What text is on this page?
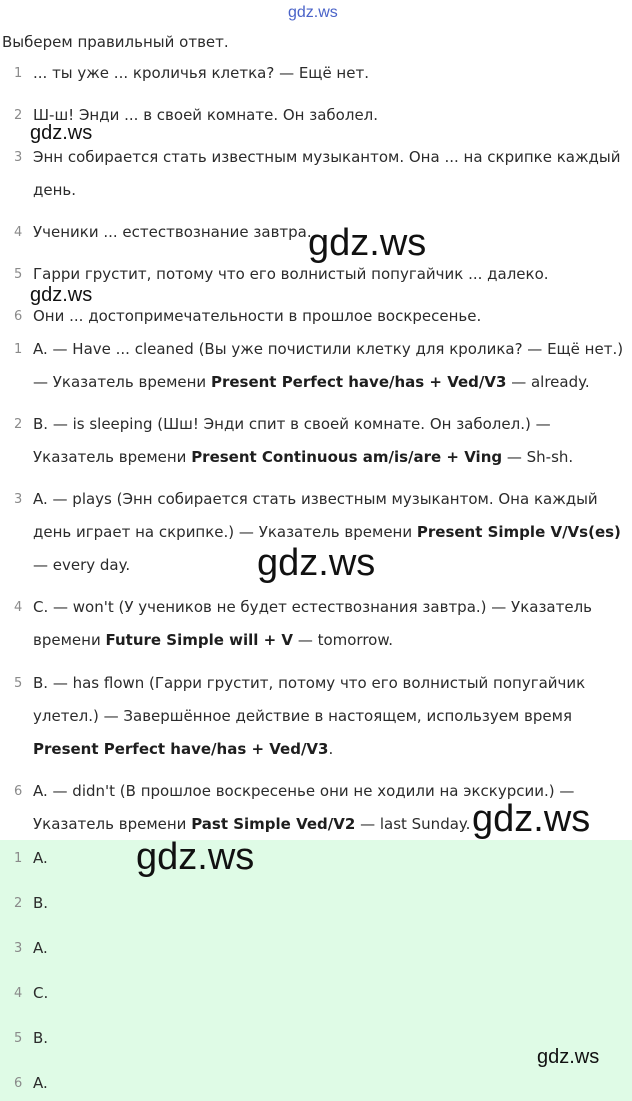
gdz.ws
Выберем правильный ответ.
1 ... ты уже ... кроличья клетка? — Ещё нет.
2 Ш-ш! Энди ... в своей комнате. Он заболел.
3 Энн собирается стать известным музыкантом. Она ... на скрипке каждый день.
4 Ученики ... естествознание завтра.
5 Гарри грустит, потому что его волнистый попугайчик ... далеко.
6 Они ... достопримечательности в прошлое воскресенье.
1 A. — Have ... cleaned (Вы уже почистили клетку для кролика? — Ещё нет.) — Указатель времени Present Perfect have/has + Ved/V3 — already.
2 B. — is sleeping (Шш! Энди спит в своей комнате. Он заболел.) — Указатель времени Present Continuous am/is/are + Ving — Sh-sh.
3 A. — plays (Энн собирается стать известным музыкантом. Она каждый день играет на скрипке.) — Указатель времени Present Simple V/Vs(es) — every day.
4 C. — won't (У учеников не будет естествознания завтра.) — Указатель времени Future Simple will + V — tomorrow.
5 B. — has flown (Гарри грустит, потому что его волнистый попугайчик улетел.) — Завершённое действие в настоящем, используем время Present Perfect have/has + Ved/V3.
6 A. — didn't (В прошлое воскресенье они не ходили на экскурсии.) — Указатель времени Past Simple Ved/V2 — last Sunday.
1 A.
2 B.
3 A.
4 C.
5 B.
6 A.
gdz.ws
gdz.ws
gdz.ws
gdz.ws
gdz.ws
gdz.ws
gdz.ws
